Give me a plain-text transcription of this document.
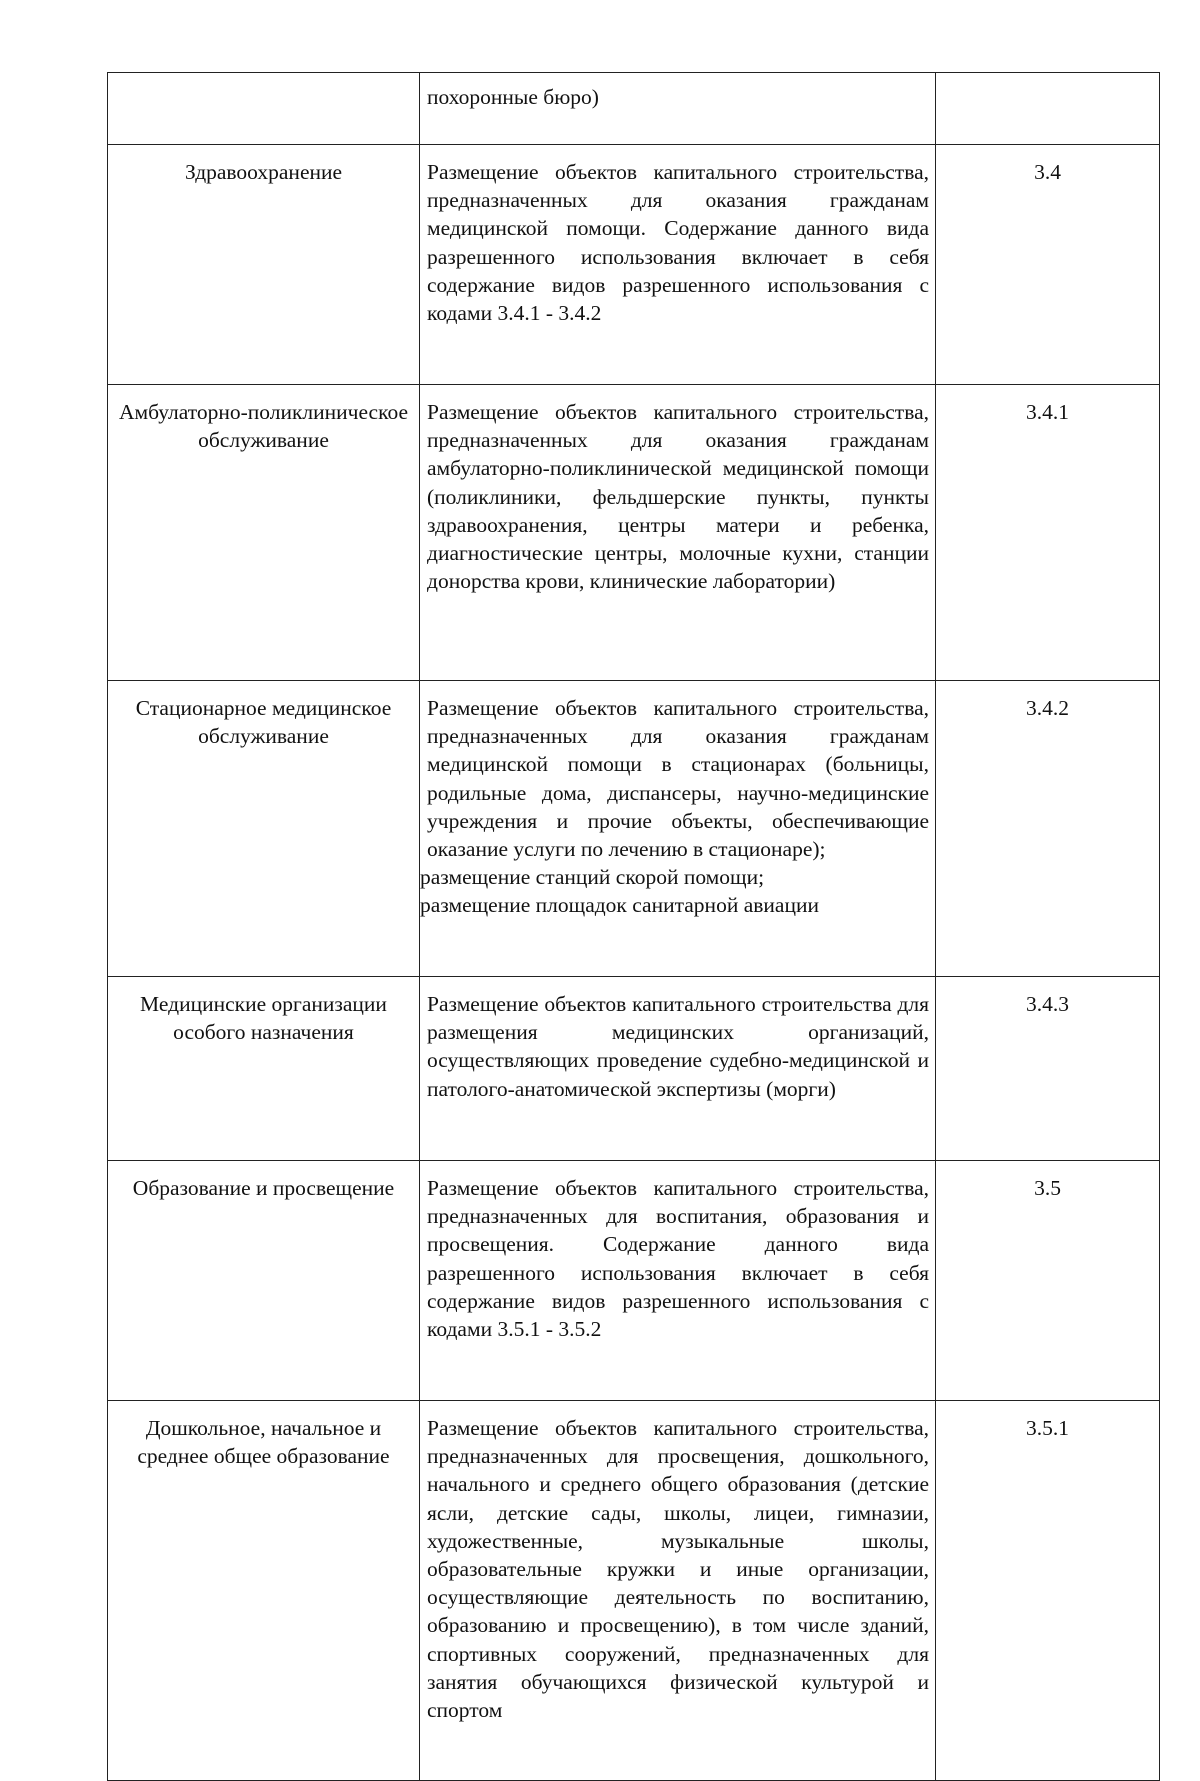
	похоронные бюро)	

Здравоохранение	Размещение объектов капитального строительства, предназначенных для оказания гражданам медицинской помощи. Содержание данного вида разрешенного использования включает в себя содержание видов разрешенного использования с кодами 3.4.1 - 3.4.2	3.4
Амбулаторно-поликлиническое обслуживание	Размещение объектов капитального строительства, предназначенных для оказания гражданам амбулаторно-поликлинической медицинской помощи (поликлиники, фельдшерские пункты, пункты здравоохранения, центры матери и ребенка, диагностические центры, молочные кухни, станции донорства крови, клинические лаборатории)	3.4.1
Стационарное медицинское обслуживание	Размещение объектов капитального строительства, предназначенных для оказания гражданам медицинской помощи в стационарах (больницы, родильные дома, диспансеры, научно-медицинские учреждения и прочие объекты, обеспечивающие оказание услуги по лечению в стационаре);
размещение станций скорой помощи;
размещение площадок санитарной авиации	3.4.2
Медицинские организации особого назначения	Размещение объектов капитального строительства для размещения медицинских организаций, осуществляющих проведение судебно-медицинской и патолого-анатомической экспертизы (морги)	3.4.3
Образование и просвещение	Размещение объектов капитального строительства, предназначенных для воспитания, образования и просвещения. Содержание данного вида разрешенного использования включает в себя содержание видов разрешенного использования с кодами 3.5.1 - 3.5.2	3.5
Дошкольное, начальное и среднее общее образование	Размещение объектов капитального строительства, предназначенных для просвещения, дошкольного, начального и среднего общего образования (детские ясли, детские сады, школы, лицеи, гимназии, художественные, музыкальные школы, образовательные кружки и иные организации, осуществляющие деятельность по воспитанию, образованию и просвещению), в том числе зданий, спортивных сооружений, предназначенных для занятия обучающихся физической культурой и спортом	3.5.1
